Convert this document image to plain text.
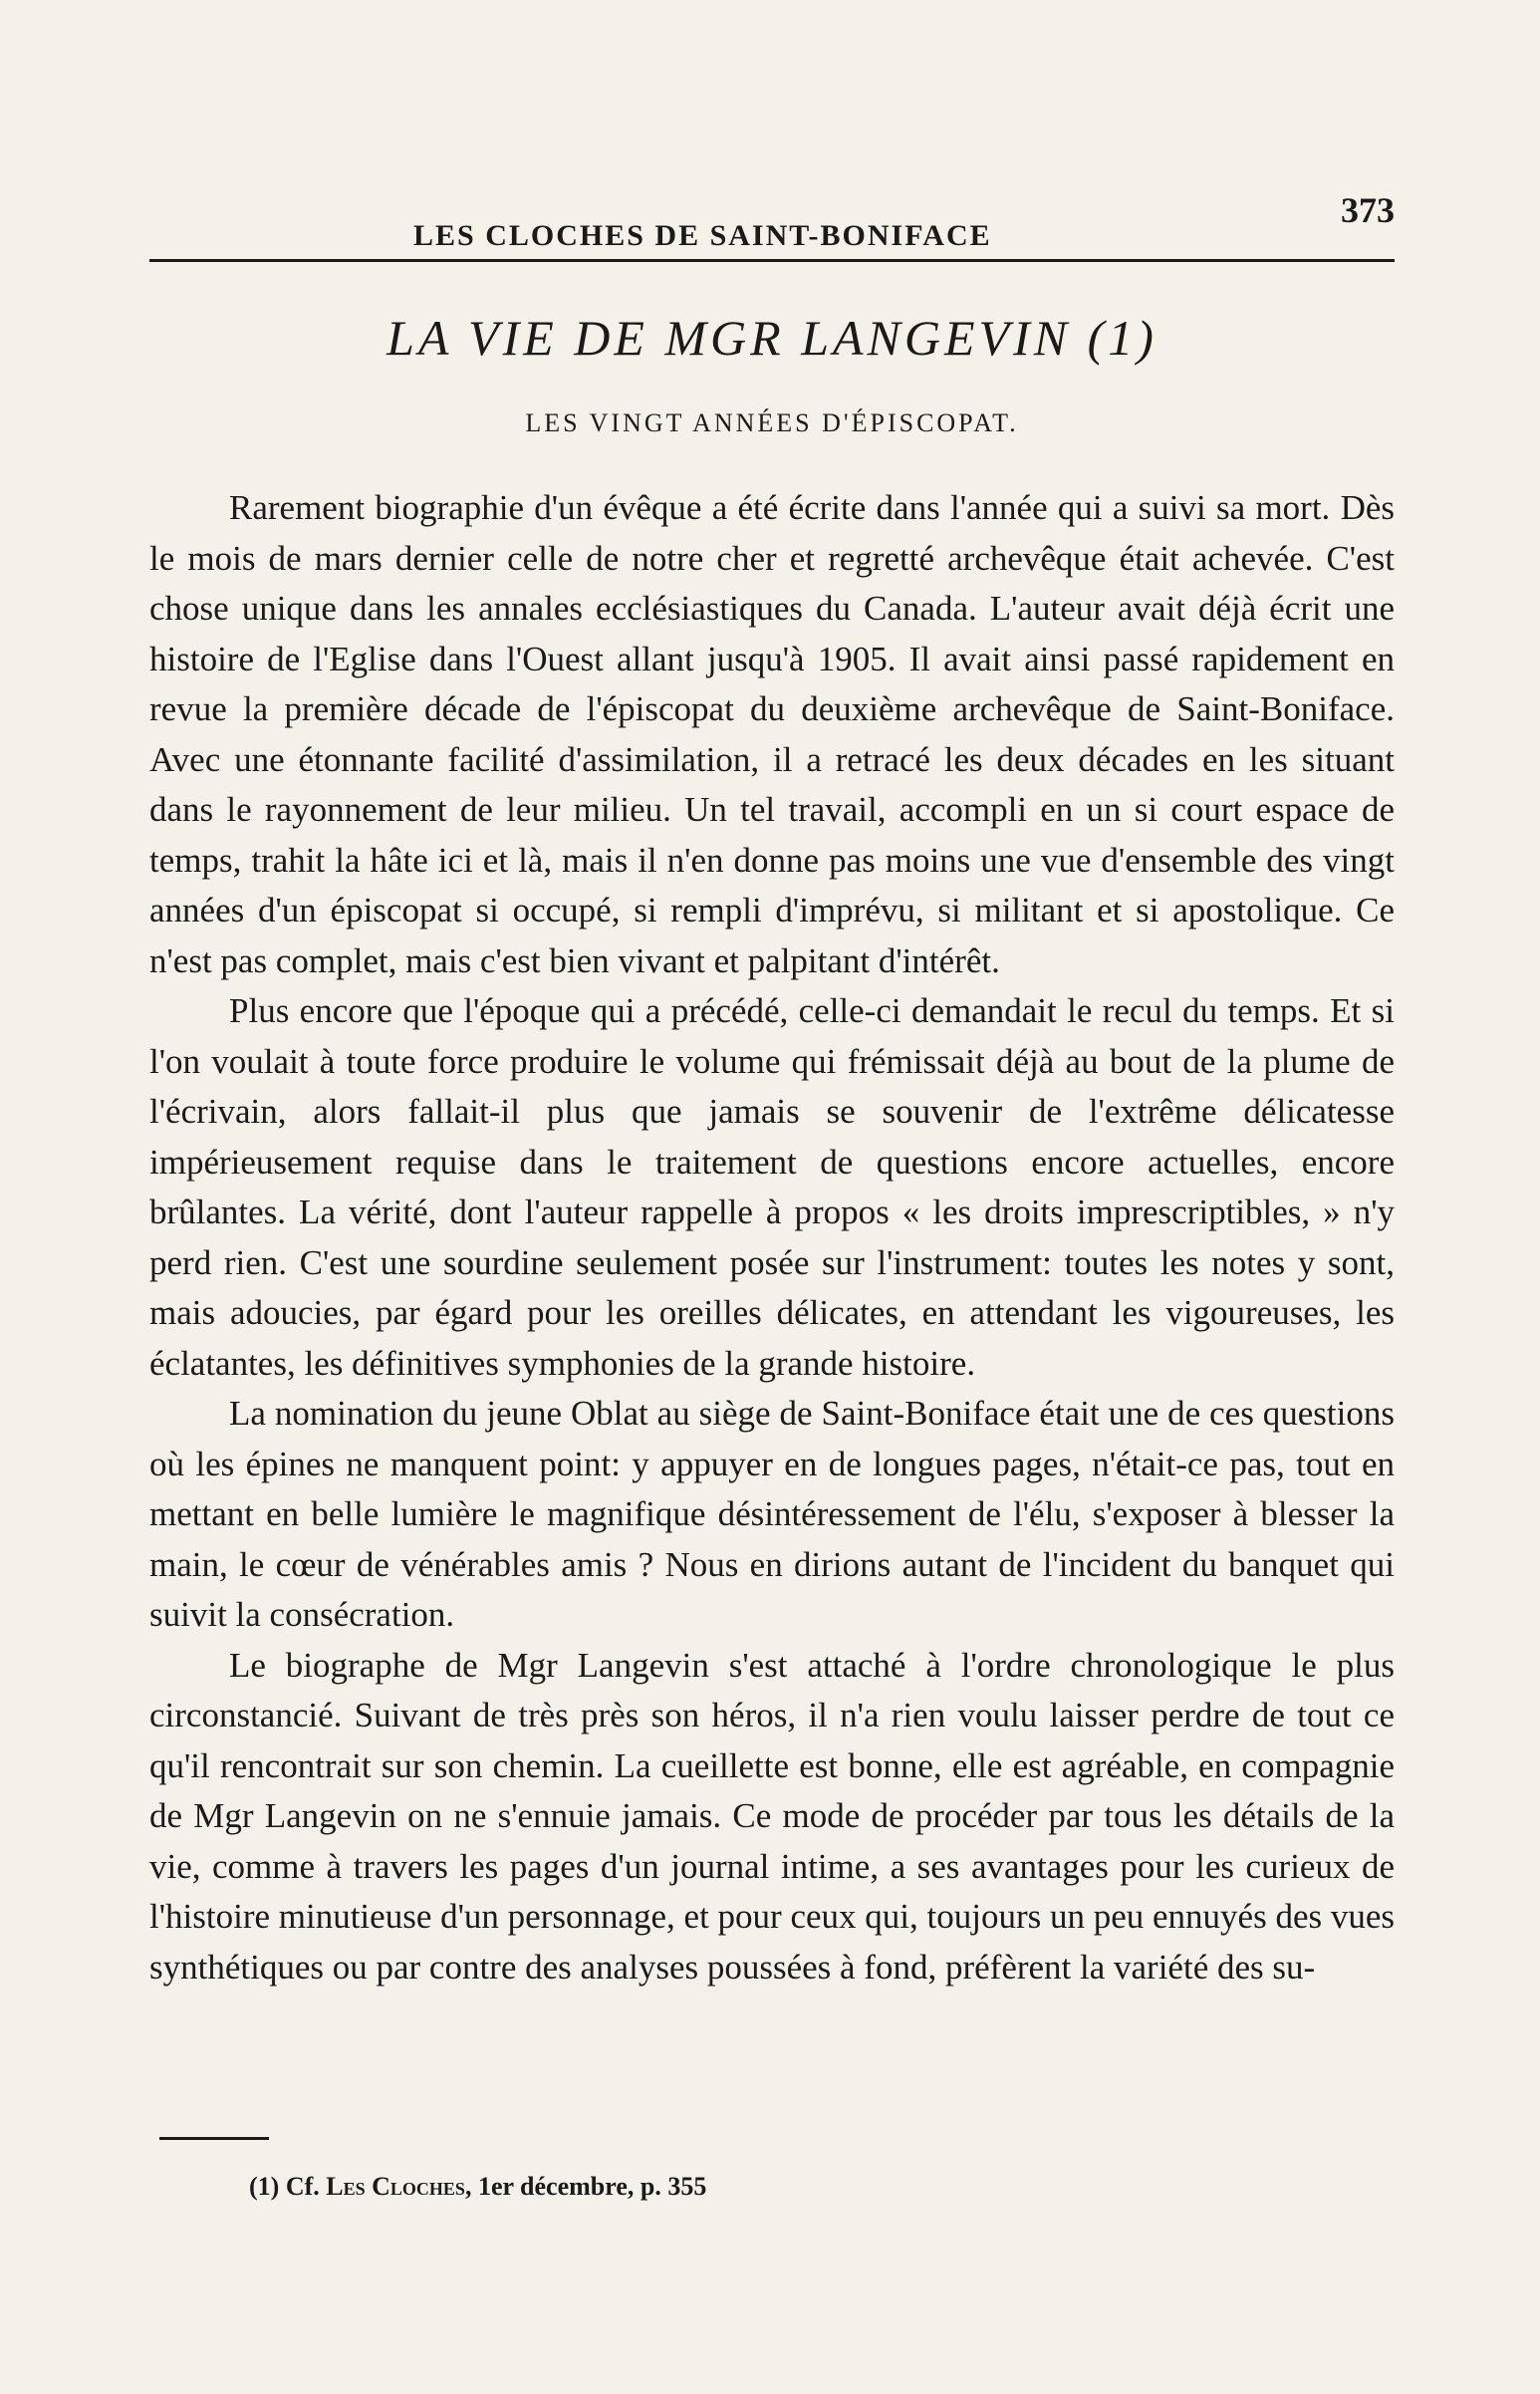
LES CLOCHES DE SAINT-BONIFACE
373
LA VIE DE MGR LANGEVIN (1)
LES VINGT ANNÉES D'ÉPISCOPAT.

Rarement biographie d'un évêque a été écrite dans l'année qui a suivi sa mort. Dès le mois de mars dernier celle de notre cher et regretté archevêque était achevée. C'est chose unique dans les annales ecclésiastiques du Canada. L'auteur avait déjà écrit une histoire de l'Eglise dans l'Ouest allant jusqu'à 1905. Il avait ainsi passé rapidement en revue la première décade de l'épiscopat du deuxième archevêque de Saint-Boniface. Avec une étonnante facilité d'assimilation, il a retracé les deux décades en les situant dans le rayonnement de leur milieu. Un tel travail, accompli en un si court espace de temps, trahit la hâte ici et là, mais il n'en donne pas moins une vue d'ensemble des vingt années d'un épiscopat si occupé, si rempli d'imprévu, si militant et si apostolique. Ce n'est pas complet, mais c'est bien vivant et palpitant d'intérêt.

Plus encore que l'époque qui a précédé, celle-ci demandait le recul du temps. Et si l'on voulait à toute force produire le volume qui frémissait déjà au bout de la plume de l'écrivain, alors fallait-il plus que jamais se souvenir de l'extrême délicatesse impérieusement requise dans le traitement de questions encore actuelles, encore brûlantes. La vérité, dont l'auteur rappelle à propos « les droits imprescriptibles, » n'y perd rien. C'est une sourdine seulement posée sur l'instrument: toutes les notes y sont, mais adoucies, par égard pour les oreilles délicates, en attendant les vigoureuses, les éclatantes, les définitives symphonies de la grande histoire.

La nomination du jeune Oblat au siège de Saint-Boniface était une de ces questions où les épines ne manquent point: y appuyer en de longues pages, n'était-ce pas, tout en mettant en belle lumière le magnifique désintéressement de l'élu, s'exposer à blesser la main, le cœur de vénérables amis ? Nous en dirions autant de l'incident du banquet qui suivit la consécration.

Le biographe de Mgr Langevin s'est attaché à l'ordre chronologique le plus circonstancié. Suivant de très près son héros, il n'a rien voulu laisser perdre de tout ce qu'il rencontrait sur son chemin. La cueillette est bonne, elle est agréable, en compagnie de Mgr Langevin on ne s'ennuie jamais. Ce mode de procéder par tous les détails de la vie, comme à travers les pages d'un journal intime, a ses avantages pour les curieux de l'histoire minutieuse d'un personnage, et pour ceux qui, toujours un peu ennuyés des vues synthétiques ou par contre des analyses poussées à fond, préfèrent la variété des su-

(1) Cf. Les Cloches, 1er décembre, p. 355
